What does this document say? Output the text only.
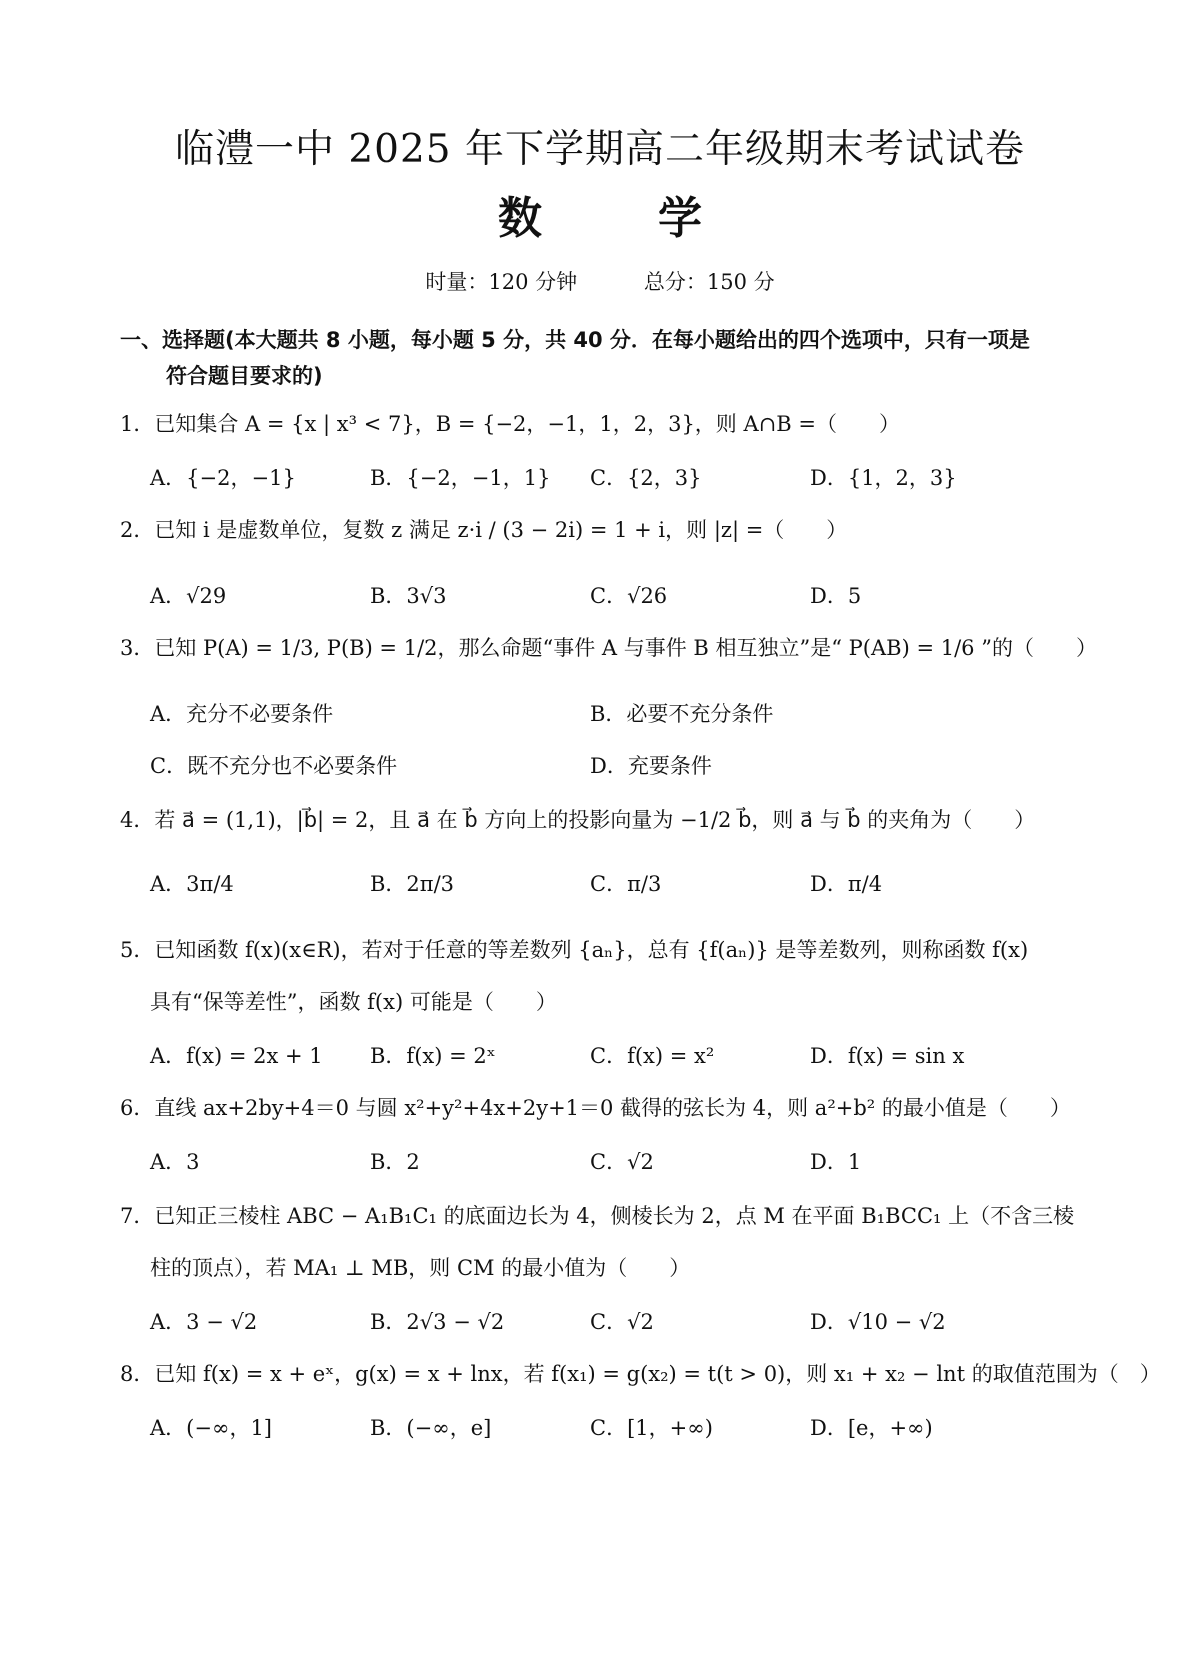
临澧一中 2025 年下学期高二年级期末考试试卷
数	学
时量：120 分钟	总分：150 分
一、选择题(本大题共 8 小题，每小题 5 分，共 40 分．在每小题给出的四个选项中，只有一项是
符合题目要求的)
1．已知集合 A = {x | x³ < 7}，B = {−2，−1，1，2，3}，则 A∩B =（　　）
A．{−2，−1}	B．{−2，−1，1} C．{2，3}	D．{1，2，3}
2．已知 i 是虚数单位，复数 z 满足 z·i / (3 − 2i) = 1 + i，则 |z| =（　　）
A．√29	B．3√3	C．√26	D．5
3．已知 P(A) = 1/3, P(B) = 1/2，那么命题“事件 A 与事件 B 相互独立”是“ P(AB) = 1/6 ”的（　　）
A．充分不必要条件	B．必要不充分条件
C．既不充分也不必要条件	D．充要条件
4．若 a⃗ = (1,1)，|b⃗| = 2，且 a⃗ 在 b⃗ 方向上的投影向量为 −1/2 b⃗，则 a⃗ 与 b⃗ 的夹角为（　　）
A．3π/4	B．2π/3	C．π/3	D．π/4
5．已知函数 f(x)(x∈R)，若对于任意的等差数列 {aₙ}，总有 {f(aₙ)} 是等差数列，则称函数 f(x)
具有“保等差性”，函数 f(x) 可能是（　　）
A．f(x) = 2x + 1 B．f(x) = 2ˣ	C．f(x) = x²	D．f(x) = sin x
6．直线 ax+2by+4＝0 与圆 x²+y²+4x+2y+1＝0 截得的弦长为 4，则 a²+b² 的最小值是（　　）
A．3	B．2	C．√2	D．1
7．已知正三棱柱 ABC − A₁B₁C₁ 的底面边长为 4，侧棱长为 2，点 M 在平面 B₁BCC₁ 上（不含三棱
柱的顶点），若 MA₁ ⊥ MB，则 CM 的最小值为（　　）
A．3 − √2	B．2√3 − √2	C．√2	D．√10 − √2
8．已知 f(x) = x + eˣ，g(x) = x + lnx，若 f(x₁) = g(x₂) = t(t > 0)，则 x₁ + x₂ − lnt 的取值范围为（　）
A．(−∞，1]	B．(−∞，e]	C．[1，+∞)	D．[e，+∞)
